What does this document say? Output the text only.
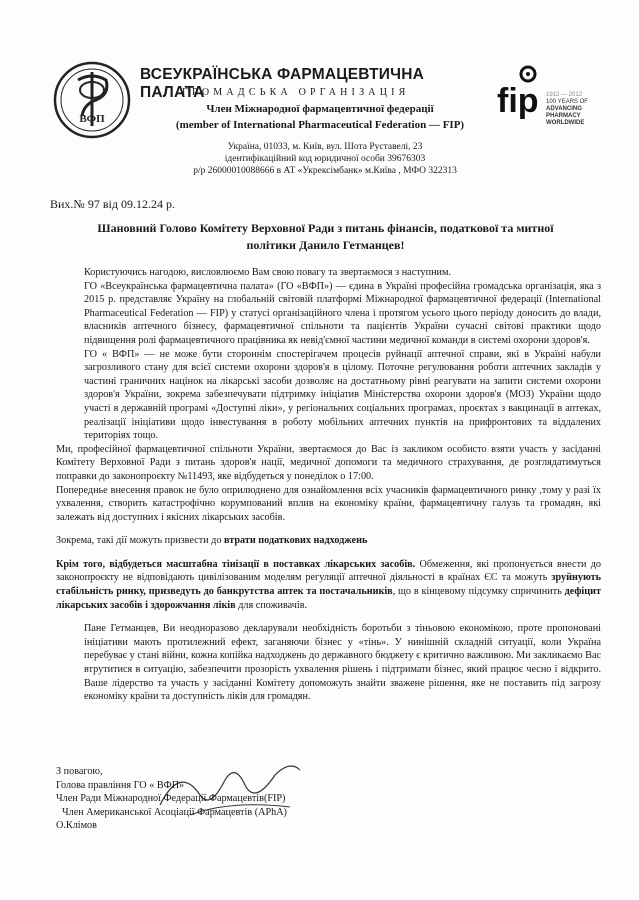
ВФП
ВСЕУКРАЇНСЬКА ФАРМАЦЕВТИЧНА ПАЛАТА
ГРОМАДСЬКА ОРГАНІЗАЦІЯ
Член Міжнародної фармацевтичної федерації
(member of International Pharmaceutical Federation — FIP)
fip 1912 — 2012
100 YEARS OF
ADVANCING
PHARMACY
WORLDWIDE
Україна, 01033, м. Київ, вул. Шота Руставелі, 23
ідентифікаційний код юридичної особи 39676303
р/р 26000010088666 в АТ «Укрексімбанк» м.Київа , МФО 322313
Вих.№ 97 від 09.12.24 р.
Шановний Голово Комітету Верховної Ради з питань фінансів, податкової та митної
політики Данило Гетманцев!
Користуючись нагодою, висловлюємо Вам свою повагу та звертаємося з наступним.
ГО «Всеукраїнська фармацевтична палата» (ГО «ВФП») — єдина в Україні професійна громадська організація, яка з 2015 р. представляє Україну на глобальній світовій платформі Міжнародної фармацевтичної федерації (International Pharmaceutical Federation — FIP) у статусі організаційного члена і протягом усього цього періоду доносить до влади, власників аптечного бізнесу, фармацевтичної спільноти та пацієнтів України сучасні світові практики щодо підвищення ролі фармацевтичного працівника як невід'ємної частини медичної команди в системі охорони здоров'я.
ГО « ВФП» — не може бути стороннім спостерігачем процесів руйнації аптечної справи, які в Україні набули загрозливого стану для всієї системи охорони здоров'я в цілому. Поточне регулювання роботи аптечних закладів у частині граничних націнок на лікарські засоби дозволяє на достатньому рівні реагувати на запити системи охорони здоров'я України, зокрема забезпечувати підтримку ініціатив Міністерства охорони здоров'я (МОЗ) України щодо участі в державній програмі «Доступні ліки», у регіональних соціальних програмах, проєктах з вакцинації в аптеках, реалізації ініціативи щодо інвестування в роботу мобільних аптечних пунктів на прифронтових та віддалених територіях тощо.
Ми, професійної фармацевтичної спільноти України, звертаємося до Вас із закликом особисто взяти участь у засіданні Комітету Верховної Ради з питань здоров'я нації, медичної допомоги та медичного страхування, де розглядатимуться поправки до законопроєкту №11493, яке відбудеться у понеділок о 17:00.
Попереднье внесення правок не було оприлюднено для ознайомлення всіх учасників фармацевтичного ринку ,тому у разі їх ухвалення, створить катастрофічно корумпований вплив на економіку країни, фармацевтичну галузь та громадян, які залежать від доступних і якісних лікарських засобів.
Зокрема, такі дії можуть призвести до втрати податкових надходжень
Крім того, відбудеться масштабна тінізації в поставках лікарських засобів. Обмеження, які пропонується внести до законопроєкту не відповідають цивілізованим моделям регуляції аптечної діяльності в країнах ЄС та можуть зруйнують стабільність ринку, призведуть до банкрутства аптек та постачальників, що в кінцевому підсумку спричинить дефіцит лікарських засобів і здорожчання ліків для споживачів.
Пане Гетманцев, Ви неодноразово декларували необхідність боротьби з тіньовою економікою, проте пропоновані ініціативи мають протилежний ефект, заганяючи бізнес у «тінь». У нинішній складній ситуації, коли Україна перебуває у стані війни, кожна копійка надходжень до державного бюджету є критично важливою. Ми закликаємо Вас втрутитися в ситуацію, забезпечити прозорість ухвалення рішень і підтримати бізнес, який працює чесно і відкрито. Ваше лідерство та участь у засіданні Комітету допоможуть знайти зважене рішення, яке не поставить під загрозу економіку країни та доступність ліків для громадян.
З повагою,
Голова правління ГО « ВФП»
Член Ради Міжнародної Федерації Фармацевтів(FIP)
Член Американської Асоціації Фармацевтів (APhA)
О.Клімов
